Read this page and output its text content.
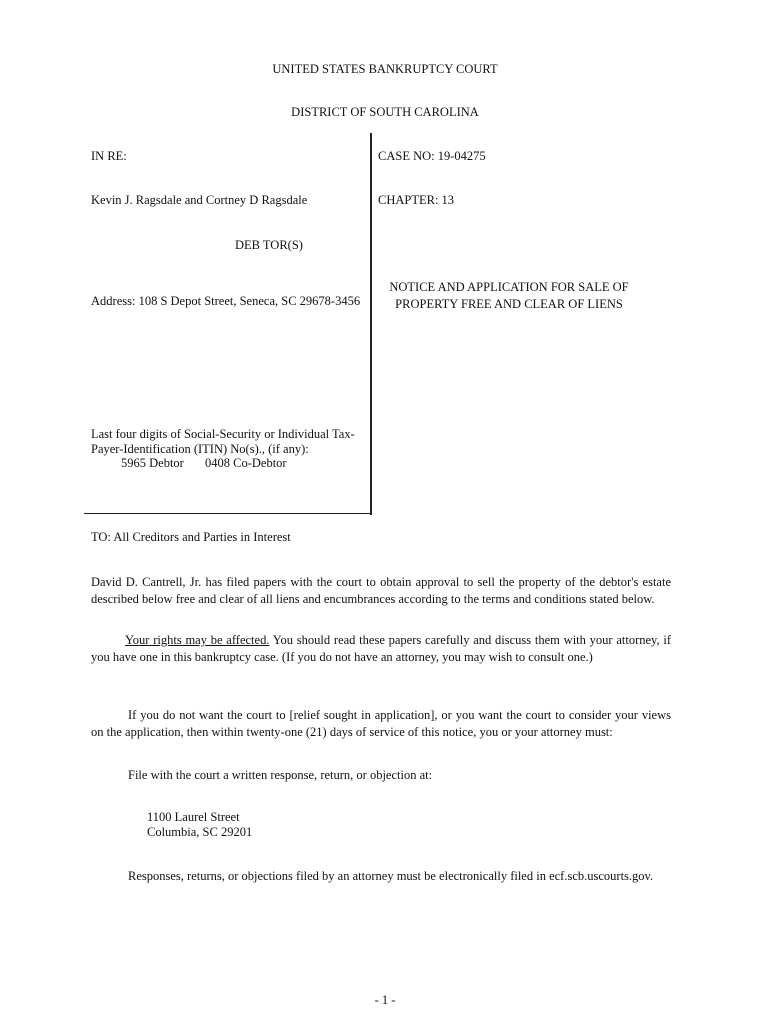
UNITED STATES BANKRUPTCY COURT
DISTRICT OF SOUTH CAROLINA
IN RE:
Kevin J. Ragsdale and Cortney D Ragsdale
DEB TOR(S)
Address: 108 S Depot Street, Seneca, SC 29678-3456
Last four digits of Social-Security or Individual Tax-
Payer-Identification (ITIN) No(s)., (if any):
5965 Debtor 0408 Co-Debtor
CASE NO: 19-04275
CHAPTER: 13
NOTICE AND APPLICATION FOR SALE OF
PROPERTY FREE AND CLEAR OF LIENS
TO: All Creditors and Parties in Interest
David D. Cantrell, Jr. has filed papers with the court to obtain approval to sell the property of the debtor's estate described below free and clear of all liens and encumbrances according to the terms and conditions stated below.
Your rights may be affected. You should read these papers carefully and discuss them with your attorney, if you have one in this bankruptcy case. (If you do not have an attorney, you may wish to consult one.)
If you do not want the court to [relief sought in application], or you want the court to consider your views on the application, then within twenty-one (21) days of service of this notice, you or your attorney must:
File with the court a written response, return, or objection at:
1100 Laurel Street
Columbia, SC 29201
Responses, returns, or objections filed by an attorney must be electronically filed in ecf.scb.uscourts.gov.
- 1 -
